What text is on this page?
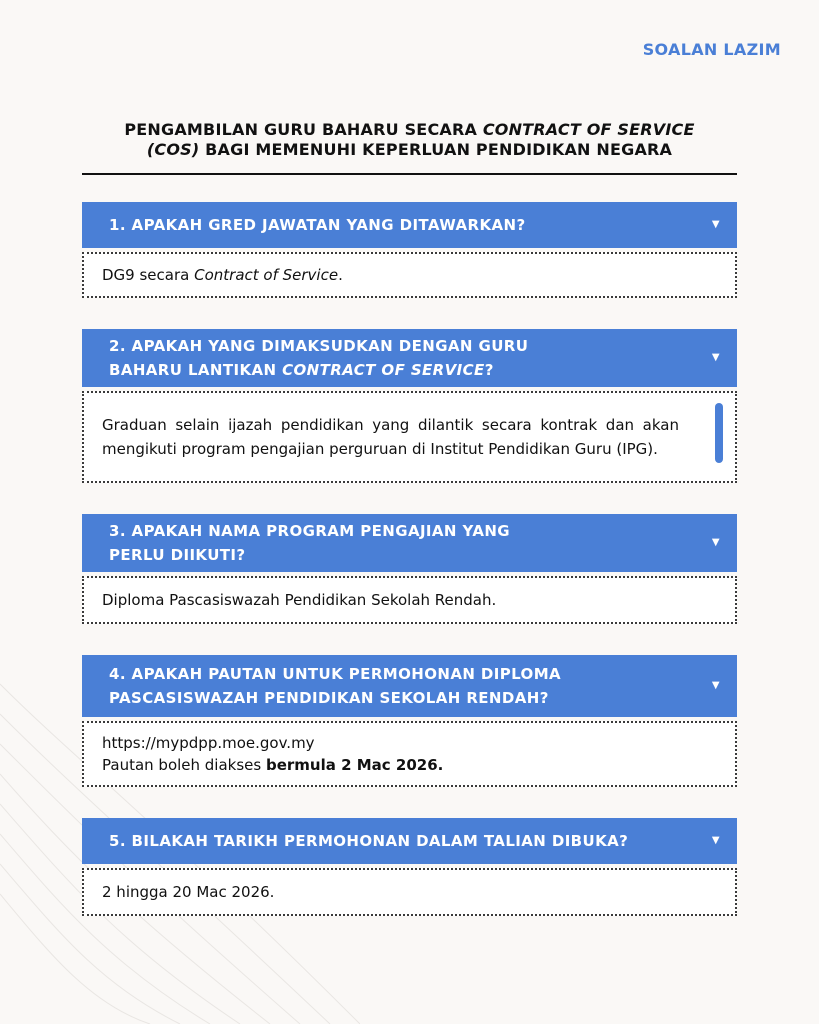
SOALAN LAZIM
PENGAMBILAN GURU BAHARU SECARA CONTRACT OF SERVICE
(COS) BAGI MEMENUHI KEPERLUAN PENDIDIKAN NEGARA
1. APAKAH GRED JAWATAN YANG DITAWARKAN?	▼
DG9 secara Contract of Service.
2. APAKAH YANG DIMAKSUDKAN DENGAN GURU
BAHARU LANTIKAN CONTRACT OF SERVICE?
▼
Graduan selain ijazah pendidikan yang dilantik secara kontrak dan akan mengikuti program pengajian perguruan di Institut Pendidikan Guru (IPG).
3. APAKAH NAMA PROGRAM PENGAJIAN YANG
PERLU DIIKUTI?
▼
Diploma Pascasiswazah Pendidikan Sekolah Rendah.
4. APAKAH PAUTAN UNTUK PERMOHONAN DIPLOMA
PASCASISWAZAH PENDIDIKAN SEKOLAH RENDAH?
▼
https://mypdpp.moe.gov.my
Pautan boleh diakses bermula 2 Mac 2026.
5. BILAKAH TARIKH PERMOHONAN DALAM TALIAN DIBUKA?	▼
2 hingga 20 Mac 2026.
